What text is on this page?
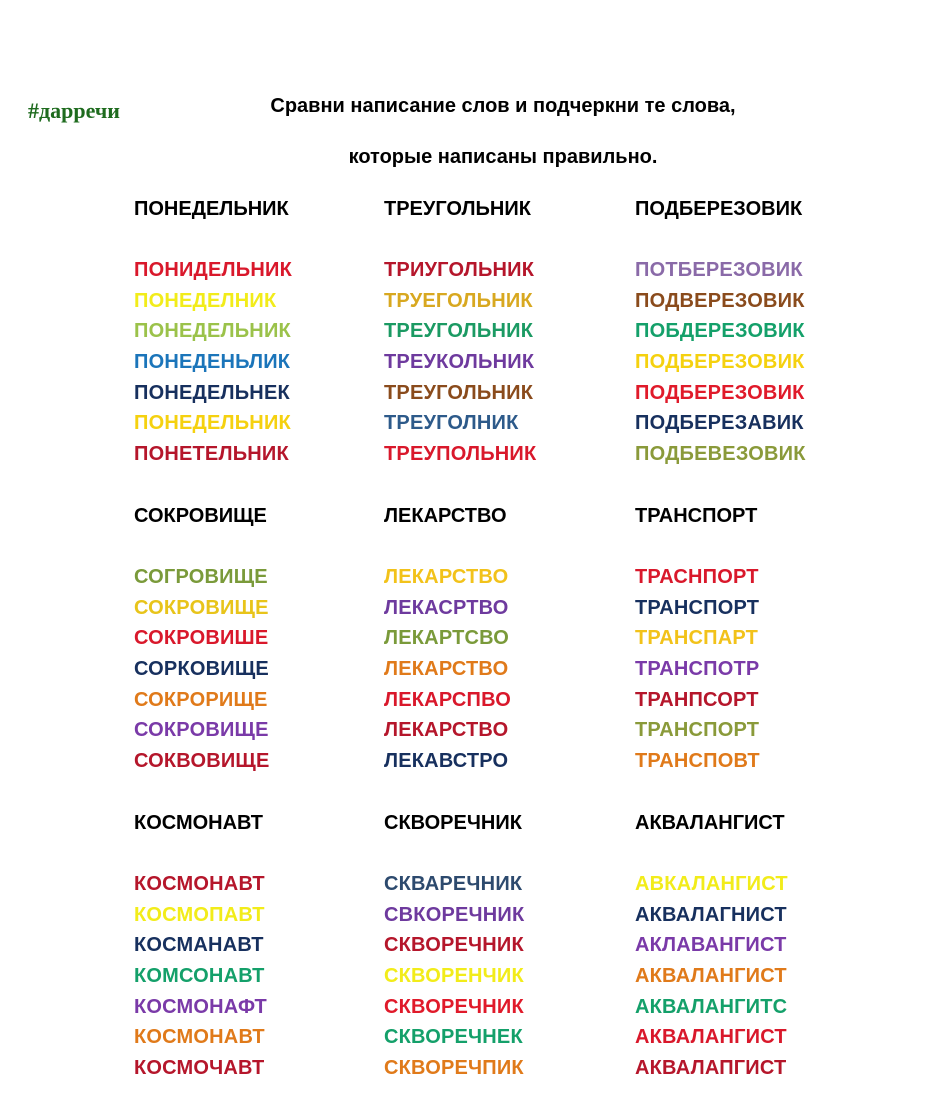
#дарречи	Сравни написание слов и подчеркни те слова,
которые написаны правильно.
ПОНЕДЕЛЬНИК
ПОНИДЕЛЬНИК
ПОНЕДЕЛНИК
ПОНЕДЕЛЬНИК
ПОНЕДЕНЬЛИК
ПОНЕДЕЛЬНЕК
ПОНЕДЕЛЬНИК
ПОНЕТЕЛЬНИК
ТРЕУГОЛЬНИК
ТРИУГОЛЬНИК
ТРУЕГОЛЬНИК
ТРЕУГОЛЬНИК
ТРЕУКОЛЬНИК
ТРЕУГОЛЬНИК
ТРЕУГОЛНИК
ТРЕУПОЛЬНИК
ПОДБЕРЕЗОВИК
ПОТБЕРЕЗОВИК
ПОДВЕРЕЗОВИК
ПОБДЕРЕЗОВИК
ПОДБЕРЕЗОВИК
ПОДБЕРЕЗОВИК
ПОДБЕРЕЗАВИК
ПОДБЕВЕЗОВИК
СОКРОВИЩЕ
СОГРОВИЩЕ
СОКРОВИЩЕ
СОКРОВИШЕ
СОРКОВИЩЕ
СОКРОРИЩЕ
СОКРОВИЩЕ
СОКВОВИЩЕ
ЛЕКАРСТВО
ЛЕКАРСТВО
ЛЕКАСРТВО
ЛЕКАРТСВО
ЛЕКАРСТВО
ЛЕКАРСПВО
ЛЕКАРСТВО
ЛЕКАВСТРО
ТРАНСПОРТ
ТРАСНПОРТ
ТРАНСПОРТ
ТРАНСПАРТ
ТРАНСПОТР
ТРАНПСОРТ
ТРАНСПОРТ
ТРАНСПОВТ
КОСМОНАВТ
КОСМОНАВТ
КОСМОПАВТ
КОСМАНАВТ
КОМСОНАВТ
КОСМОНАФТ
КОСМОНАВТ
КОСМОЧАВТ
СКВОРЕЧНИК
СКВАРЕЧНИК
СВКОРЕЧНИК
СКВОРЕЧНИК
СКВОРЕНЧИК
СКВОРЕЧНИК
СКВОРЕЧНЕК
СКВОРЕЧПИК
АКВАЛАНГИСТ
АВКАЛАНГИСТ
АКВАЛАГНИСТ
АКЛАВАНГИСТ
АКВАЛАНГИСТ
АКВАЛАНГИТС
АКВАЛАНГИСТ
АКВАЛАПГИСТ
